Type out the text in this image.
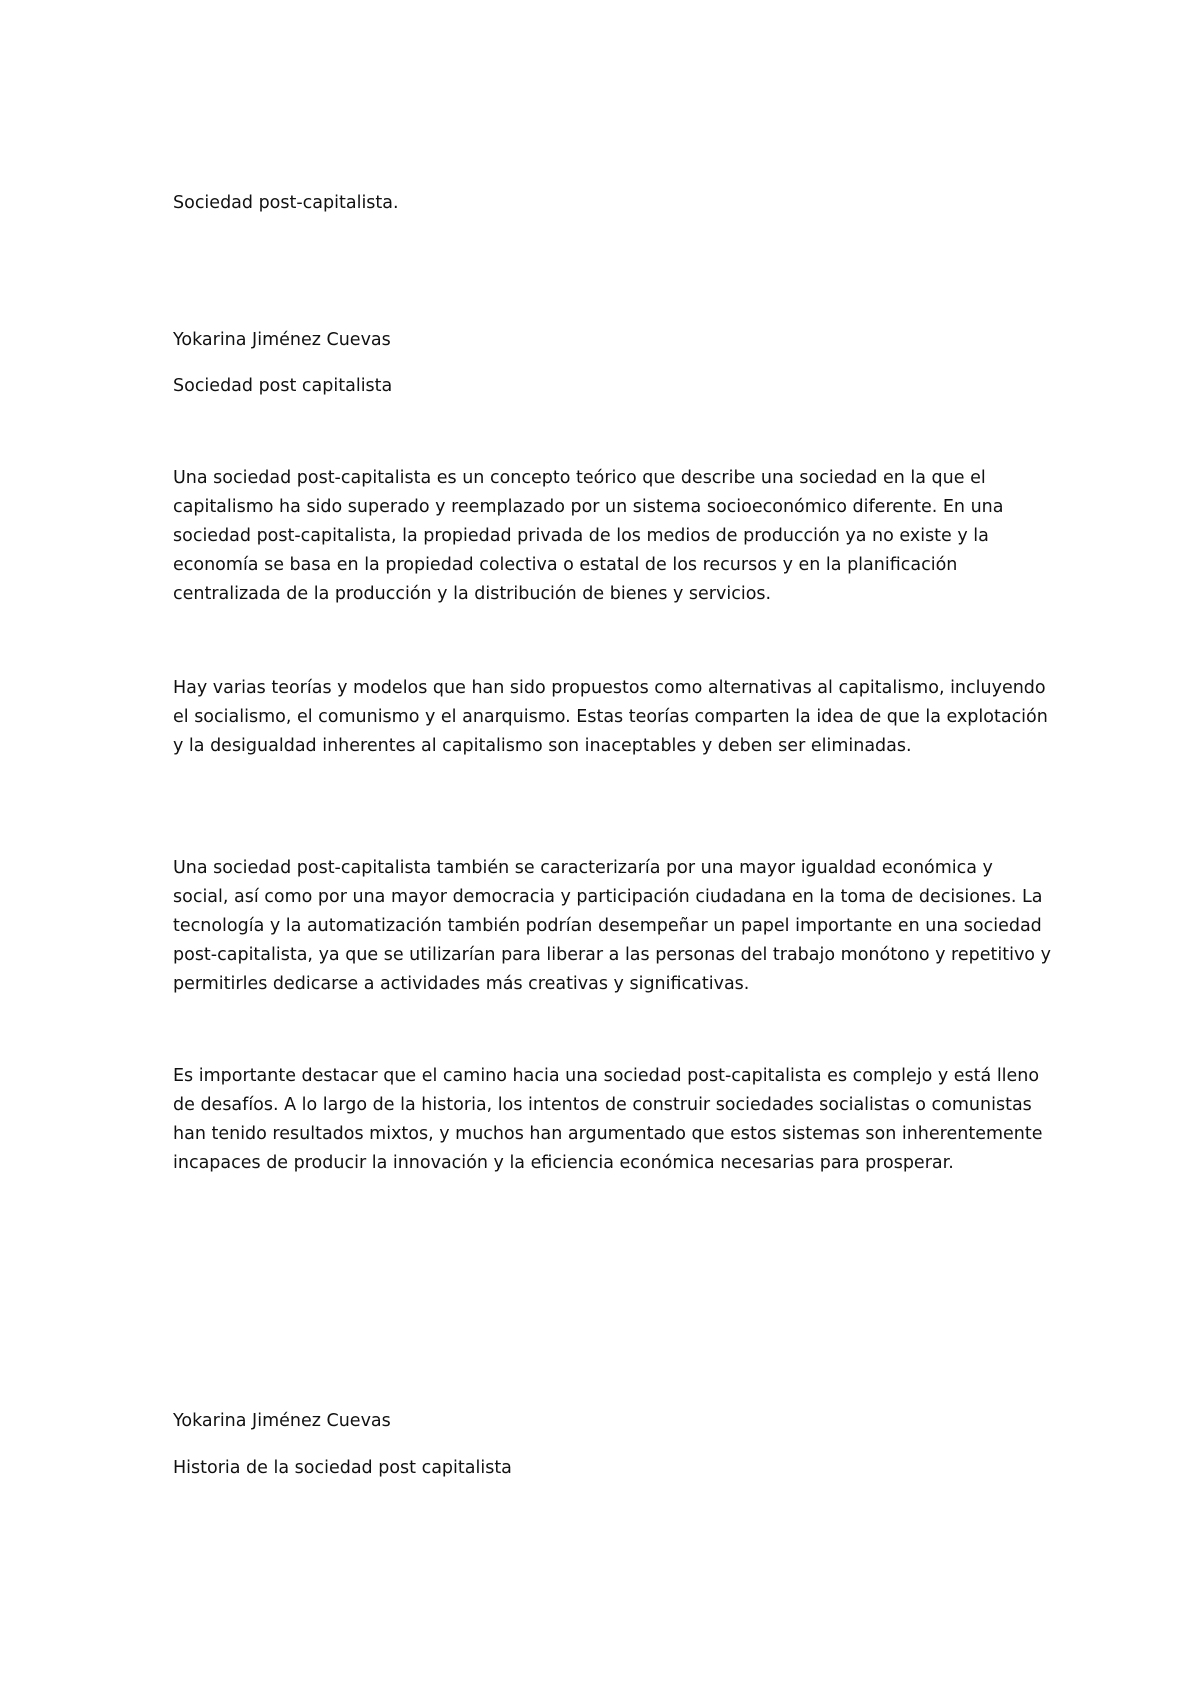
Sociedad post-capitalista.
Yokarina Jiménez Cuevas
Sociedad post capitalista

Una sociedad post-capitalista es un concepto teórico que describe una sociedad en la que el capitalismo ha sido superado y reemplazado por un sistema socioeconómico diferente. En una sociedad post-capitalista, la propiedad privada de los medios de producción ya no existe y la economía se basa en la propiedad colectiva o estatal de los recursos y en la planificación centralizada de la producción y la distribución de bienes y servicios.

Hay varias teorías y modelos que han sido propuestos como alternativas al capitalismo, incluyendo el socialismo, el comunismo y el anarquismo. Estas teorías comparten la idea de que la explotación y la desigualdad inherentes al capitalismo son inaceptables y deben ser eliminadas.

Una sociedad post-capitalista también se caracterizaría por una mayor igualdad económica y social, así como por una mayor democracia y participación ciudadana en la toma de decisiones. La tecnología y la automatización también podrían desempeñar un papel importante en una sociedad post-capitalista, ya que se utilizarían para liberar a las personas del trabajo monótono y repetitivo y permitirles dedicarse a actividades más creativas y significativas.

Es importante destacar que el camino hacia una sociedad post-capitalista es complejo y está lleno de desafíos. A lo largo de la historia, los intentos de construir sociedades socialistas o comunistas han tenido resultados mixtos, y muchos han argumentado que estos sistemas son inherentemente incapaces de producir la innovación y la eficiencia económica necesarias para prosperar.

Yokarina Jiménez Cuevas
Historia de la sociedad post capitalista
